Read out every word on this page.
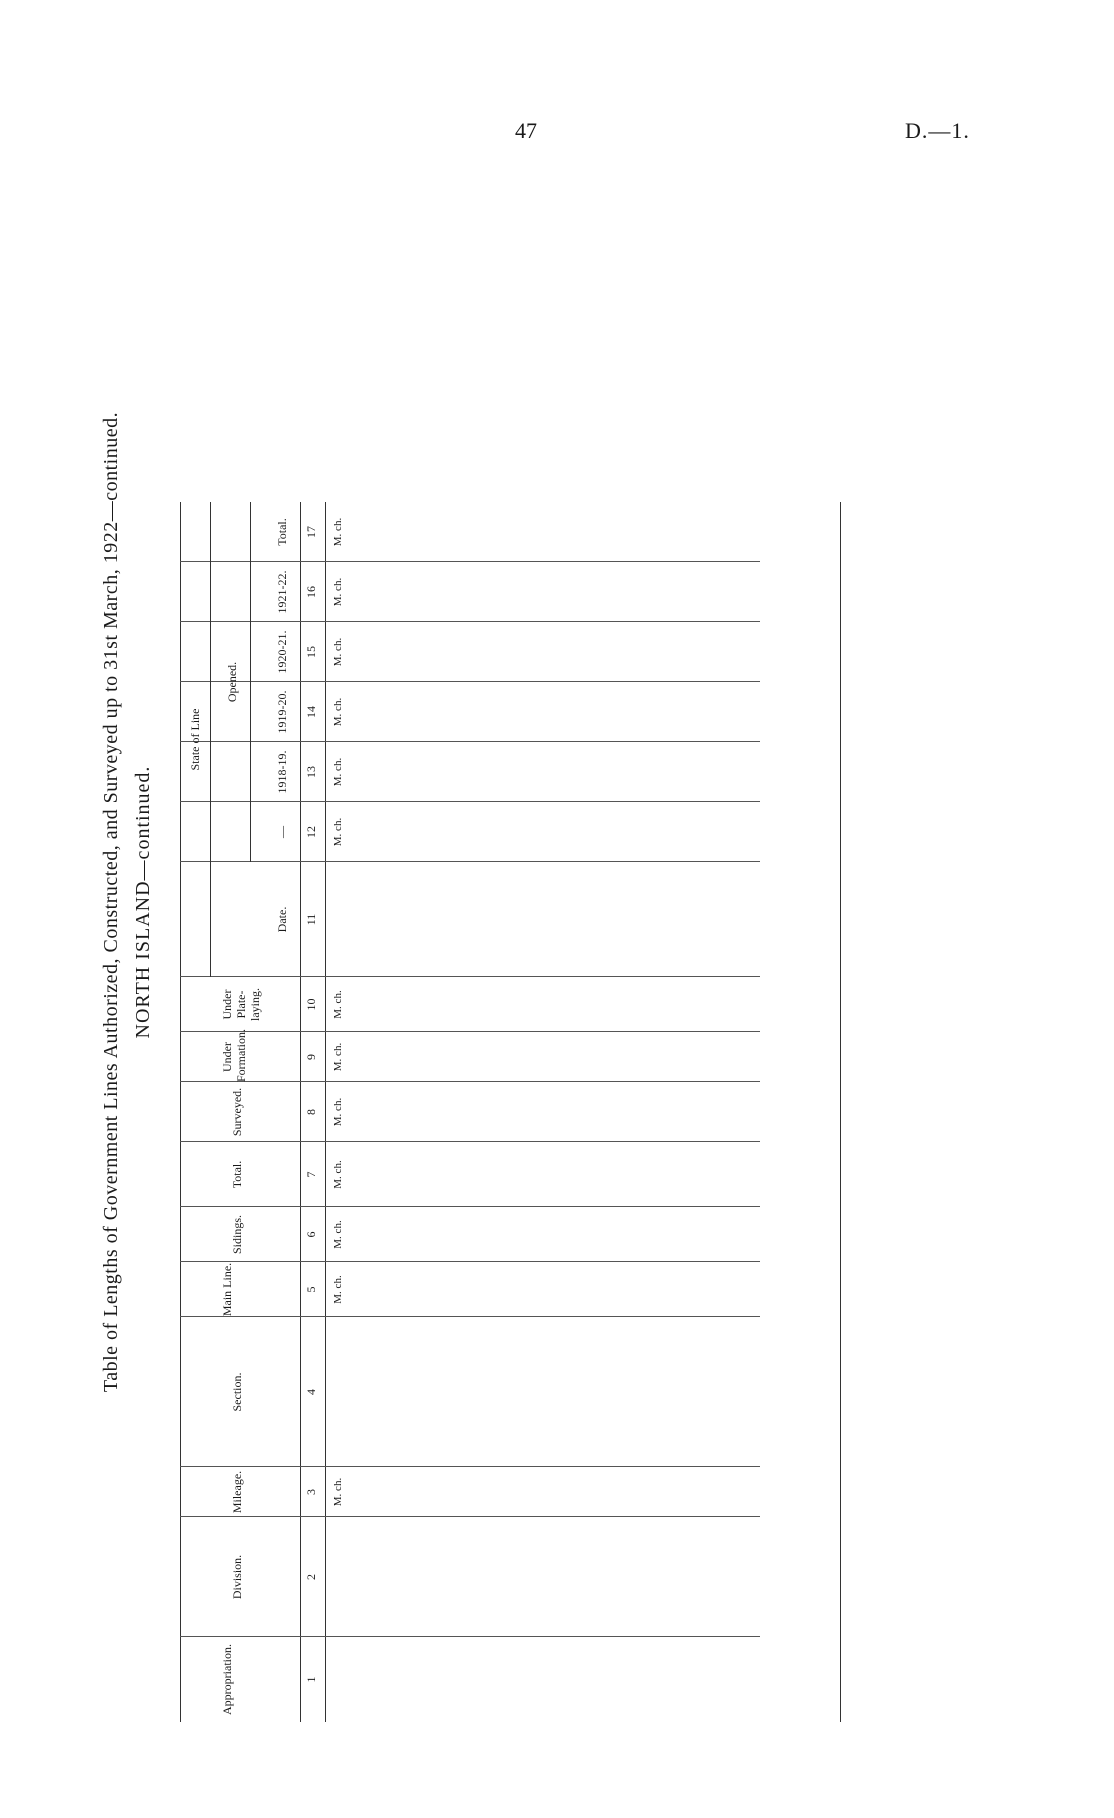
47	D.—1.
Table of Lengths of Government Lines Authorized, Constructed, and Surveyed up to 31st March, 1922—continued. NORTH ISLAND—continued.
Appropriation.
Division.
Mileage.
Section.
Main Line.
Sidings.
Total.
Surveyed.
Under Formation.
Under Plate-laying.
State of Line
Opened.
Date.
—
1918-19.
1919-20.
1920-21.
1921-22.
Total.
1
2
3
4
5
6
7
8
9
10
11
12
13
14
15
16
17
M. ch.
M. ch.
M. ch.
M. ch.
M. ch.
M. ch.
M. ch.
M. ch.
M. ch.
M. ch.
M. ch.
M. ch.
M. ch.
